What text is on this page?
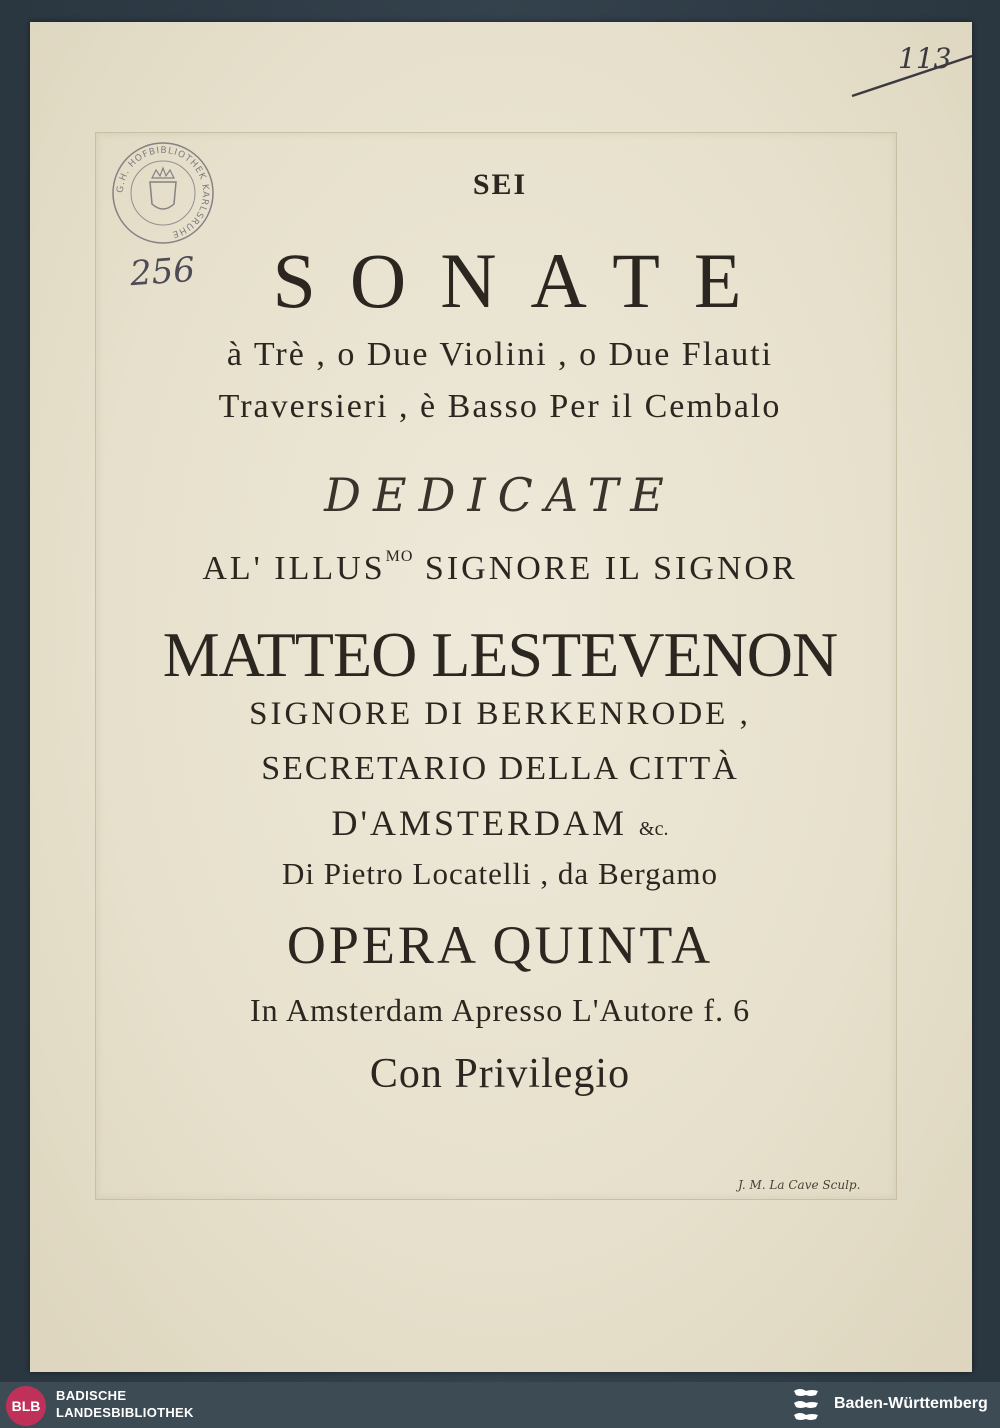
G.H. HOFBIBLIOTHEK KARLSRUHE
256
113
SEI
SONATE
à Trè , o Due Violini , o Due Flauti
Traversieri , è Basso Per il Cembalo
DEDICATE
AL' $ILLUS^{MO}$ SIGNORE IL SIGNOR
MATTEO LESTEVENON
SIGNORE DI BERKENRODE ,
SECRETARIO DELLA CITTÀ
D'AMSTERDAM &c.
Di Pietro Locatelli , da Bergamo
OPERA QUINTA
In Amsterdam Apresso L'Autore f. 6
Con Privilegio
J. M. La Cave Sculp.
BLB
BADISCHE
LANDESBIBLIOTHEK
Baden-Württemberg
